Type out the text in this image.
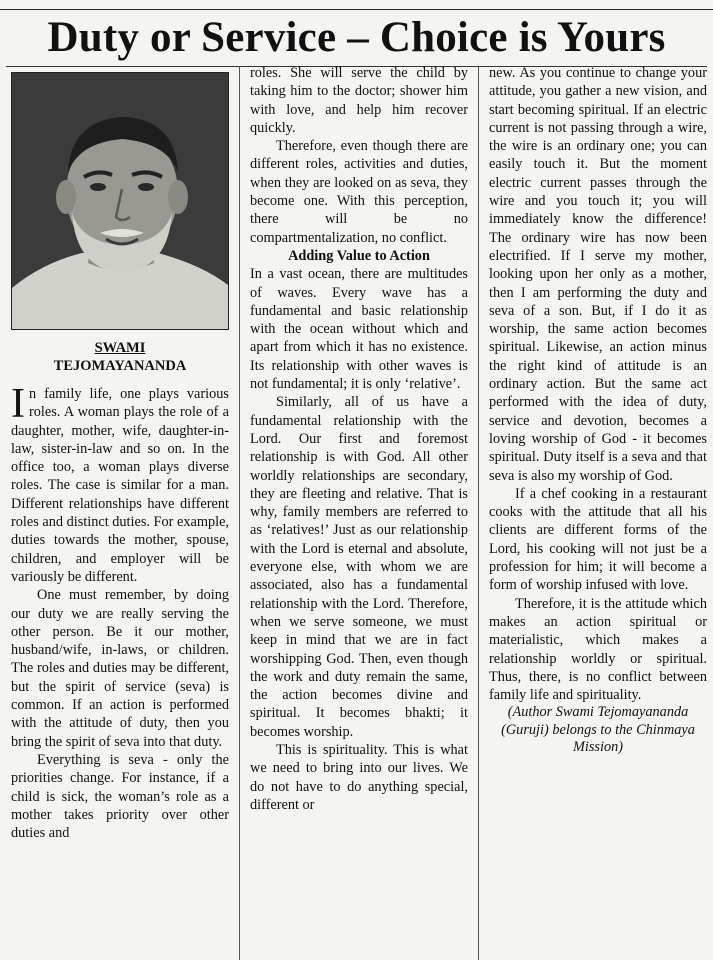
Duty or Service – Choice is Yours
SWAMI
TEJOMAYANANDA

In family life, one plays various roles. A woman plays the role of a daughter, mother, wife, daughter-in-law, sister-in-law and so on. In the office too, a woman plays diverse roles. The case is similar for a man. Different relationships have different roles and distinct duties. For example, duties towards the mother, spouse, children, and employer will be variously be different.

One must remember, by doing our duty we are really serving the other person. Be it our mother, husband/wife, in-laws, or children. The roles and duties may be different, but the spirit of service (seva) is common. If an action is performed with the attitude of duty, then you bring the spirit of seva into that duty.

Everything is seva - only the priorities change. For instance, if a child is sick, the woman’s role as a mother takes priority over other duties and

roles. She will serve the child by taking him to the doctor; shower him with love, and help him recover quickly.

Therefore, even though there are different roles, activities and duties, when they are looked on as seva, they become one. With this perception, there will be no compartmentalization, no conflict.

Adding Value to Action

In a vast ocean, there are multitudes of waves. Every wave has a fundamental and basic relationship with the ocean without which and apart from which it has no existence. Its relationship with other waves is not fundamental; it is only ‘relative’.

Similarly, all of us have a fundamental relationship with the Lord. Our first and foremost relationship is with God. All other worldly relationships are secondary, they are fleeting and relative. That is why, family members are referred to as ‘relatives!’ Just as our relationship with the Lord is eternal and absolute, everyone else, with whom we are associated, also has a fundamental relationship with the Lord. Therefore, when we serve someone, we must keep in mind that we are in fact worshipping God. Then, even though the work and duty remain the same, the action becomes divine and spiritual. It becomes bhakti; it becomes worship.

This is spirituality. This is what we need to bring into our lives. We do not have to do anything special, different or

new. As you continue to change your attitude, you gather a new vision, and start becoming spiritual. If an electric current is not passing through a wire, the wire is an ordinary one; you can easily touch it. But the moment electric current passes through the wire and you touch it; you will immediately know the difference! The ordinary wire has now been electrified. If I serve my mother, looking upon her only as a mother, then I am performing the duty and seva of a son. But, if I do it as worship, the same action becomes spiritual. Likewise, an action minus the right kind of attitude is an ordinary action. But the same act performed with the idea of duty, service and devotion, becomes a loving worship of God - it becomes spiritual. Duty itself is a seva and that seva is also my worship of God.

If a chef cooking in a restaurant cooks with the attitude that all his clients are different forms of the Lord, his cooking will not just be a profession for him; it will become a form of worship infused with love.

Therefore, it is the attitude which makes an action spiritual or materialistic, which makes a relationship worldly or spiritual. Thus, there, is no conflict between family life and spirituality.

(Author Swami Tejomayananda (Guruji) belongs to the Chinmaya Mission)
